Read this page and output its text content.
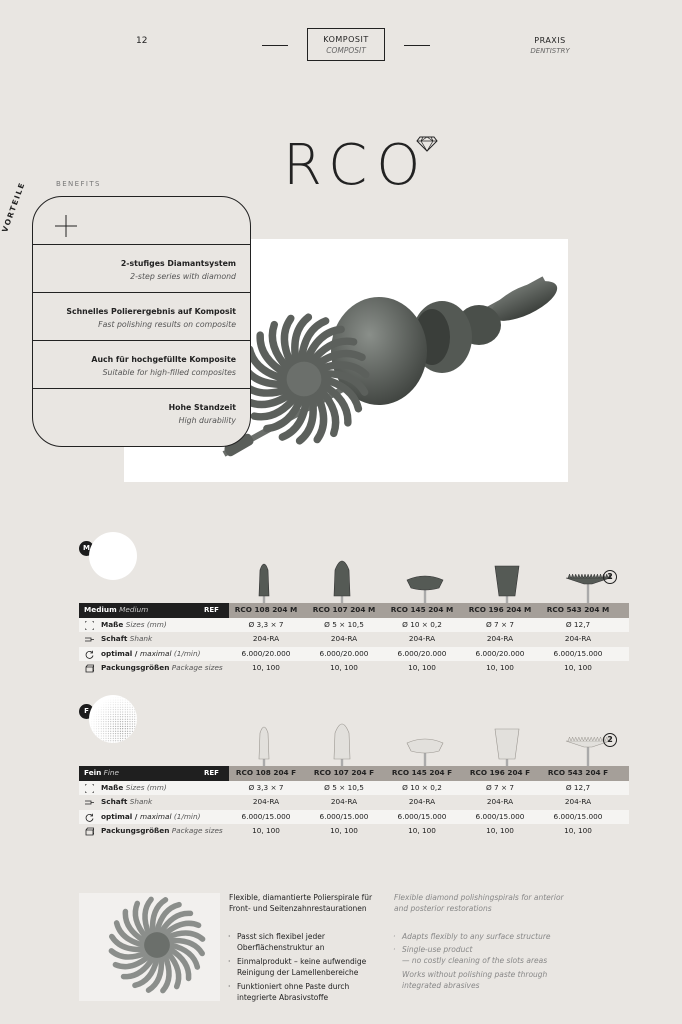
12	KOMPOSIT
COMPOSIT
PRAXIS
DENTISTRY
RCO
VORTEILE	BENEFITS
2-stufiges Diamantsystem
2-step series with diamond
Schnelles Polierergebnis auf Komposit
Fast polishing results on composite
Auch für hochgefüllte Komposite
Suitable for high-filled composites
Hohe Standzeit
High durability
M
2
Medium Medium	REF	RCO 108 204 M	RCO 107 204 M	RCO 145 204 M	RCO 196 204 M	RCO 543 204 M
Maße Sizes (mm)	Ø 3,3 × 7	Ø 5 × 10,5	Ø 10 × 0,2	Ø 7 × 7	Ø 12,7
Schaft Shank	204-RA	204-RA	204-RA	204-RA	204-RA
optimal / maximal (1/min)	6.000/20.000	6.000/20.000	6.000/20.000	6.000/20.000	6.000/15.000
Packungsgrößen Package sizes	10, 100	10, 100	10, 100	10, 100	10, 100
F
2
Fein Fine	REF	RCO 108 204 F	RCO 107 204 F	RCO 145 204 F	RCO 196 204 F	RCO 543 204 F
Maße Sizes (mm)	Ø 3,3 × 7	Ø 5 × 10,5	Ø 10 × 0,2	Ø 7 × 7	Ø 12,7
Schaft Shank	204-RA	204-RA	204-RA	204-RA	204-RA
optimal / maximal (1/min)	6.000/15.000	6.000/15.000	6.000/15.000	6.000/15.000	6.000/15.000
Packungsgrößen Package sizes	10, 100	10, 100	10, 100	10, 100	10, 100
Flexible, diamantierte Polierspirale für Front- und Seitenzahnrestaurationen
Flexible diamond polishingspirals for anterior and posterior restorations
· Passt sich flexibel jeder Oberflächenstruktur an
· Einmalprodukt – keine aufwendige Reinigung der Lamellenbereiche
· Funktioniert ohne Paste durch integrierte Abrasivstoffe
· Adapts flexibly to any surface structure
· Single-use product
— no costly cleaning of the slots areas
Works without polishing paste through integrated abrasives
